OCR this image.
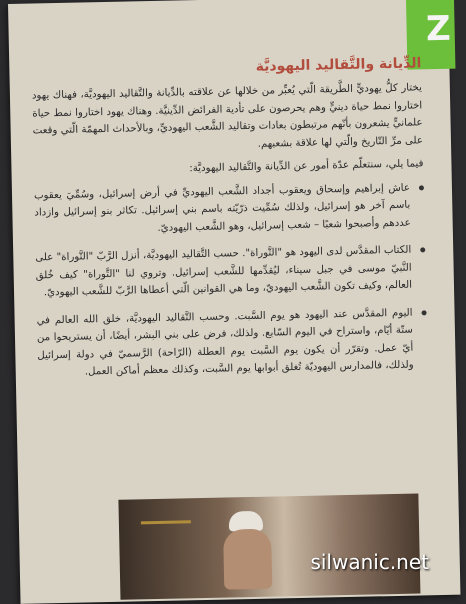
Z
الدِّيانة والتَّقاليد اليهوديَّة

يختار كلُّ يهوديٍّ الطَّريقة الّتي يُعبِّر من خلالها عن علاقته بالدِّيانة والتَّقاليد اليهوديَّة، فهناك يهود اختاروا نمط حياة دينيٍّ وهم يحرصون على تأدية الفرائض الدِّينيَّة. وهناك يهود اختاروا نمط حياة علمانيٍّ يشعرون بأنّهم مرتبطون بعادات وتقاليد الشَّعب اليهوديِّ، وبالأحداث المهمّة الّتي وقعت على مرِّ التّاريخ والّتي لها علاقة بشعبهم.

فيما يلي، سنتعلّم عدّة أمور عن الدِّيانة والتَّقاليد اليهوديَّة:

عاش إبراهيم وإسحاق ويعقوب أجداد الشَّعب اليهوديِّ في أرض إسرائيل، وسُمِّيَ يعقوب باسم آخر هو إسرائيل، ولذلك سُمِّيت ذرّيّته باسم بني إسرائيل. تكاثر بنو إسرائيل وازداد عددهم وأصبحوا شعبًا – شعب إسرائيل، وهو الشَّعب اليهوديّ.
الكتاب المقدَّس لدى اليهود هو "التَّوراة". حسب التَّقاليد اليهوديَّة، أنزل الرَّبّ "التَّوراة" على النَّبيّ موسى في جبل سيناء، ليُقدِّمها للشَّعب إسرائيل. وتروي لنا "التَّوراة" كيف خُلق العالم، وكيف تكون الشَّعب اليهوديّ، وما هي القوانين الّتي أعطاها الرَّبّ للشَّعب اليهوديّ.
اليوم المقدَّس عند اليهود هو يوم السَّبت. وحسب التَّقاليد اليهوديَّة، خلق الله العالم في ستّة أيّام، واستراح في اليوم السّابع. ولذلك، فرض على بني البشر، أيضًا، أن يستريحوا من أيّ عمل. وتقرّر أن يكون يوم السَّبت يوم العطلة (الرّاحة) الرَّسميّ في دولة إسرائيل ولذلك، فالمدارس اليهوديّة تُغلق أبوابها يوم السَّبت، وكذلك معظم أماكن العمل.
silwanic.net
